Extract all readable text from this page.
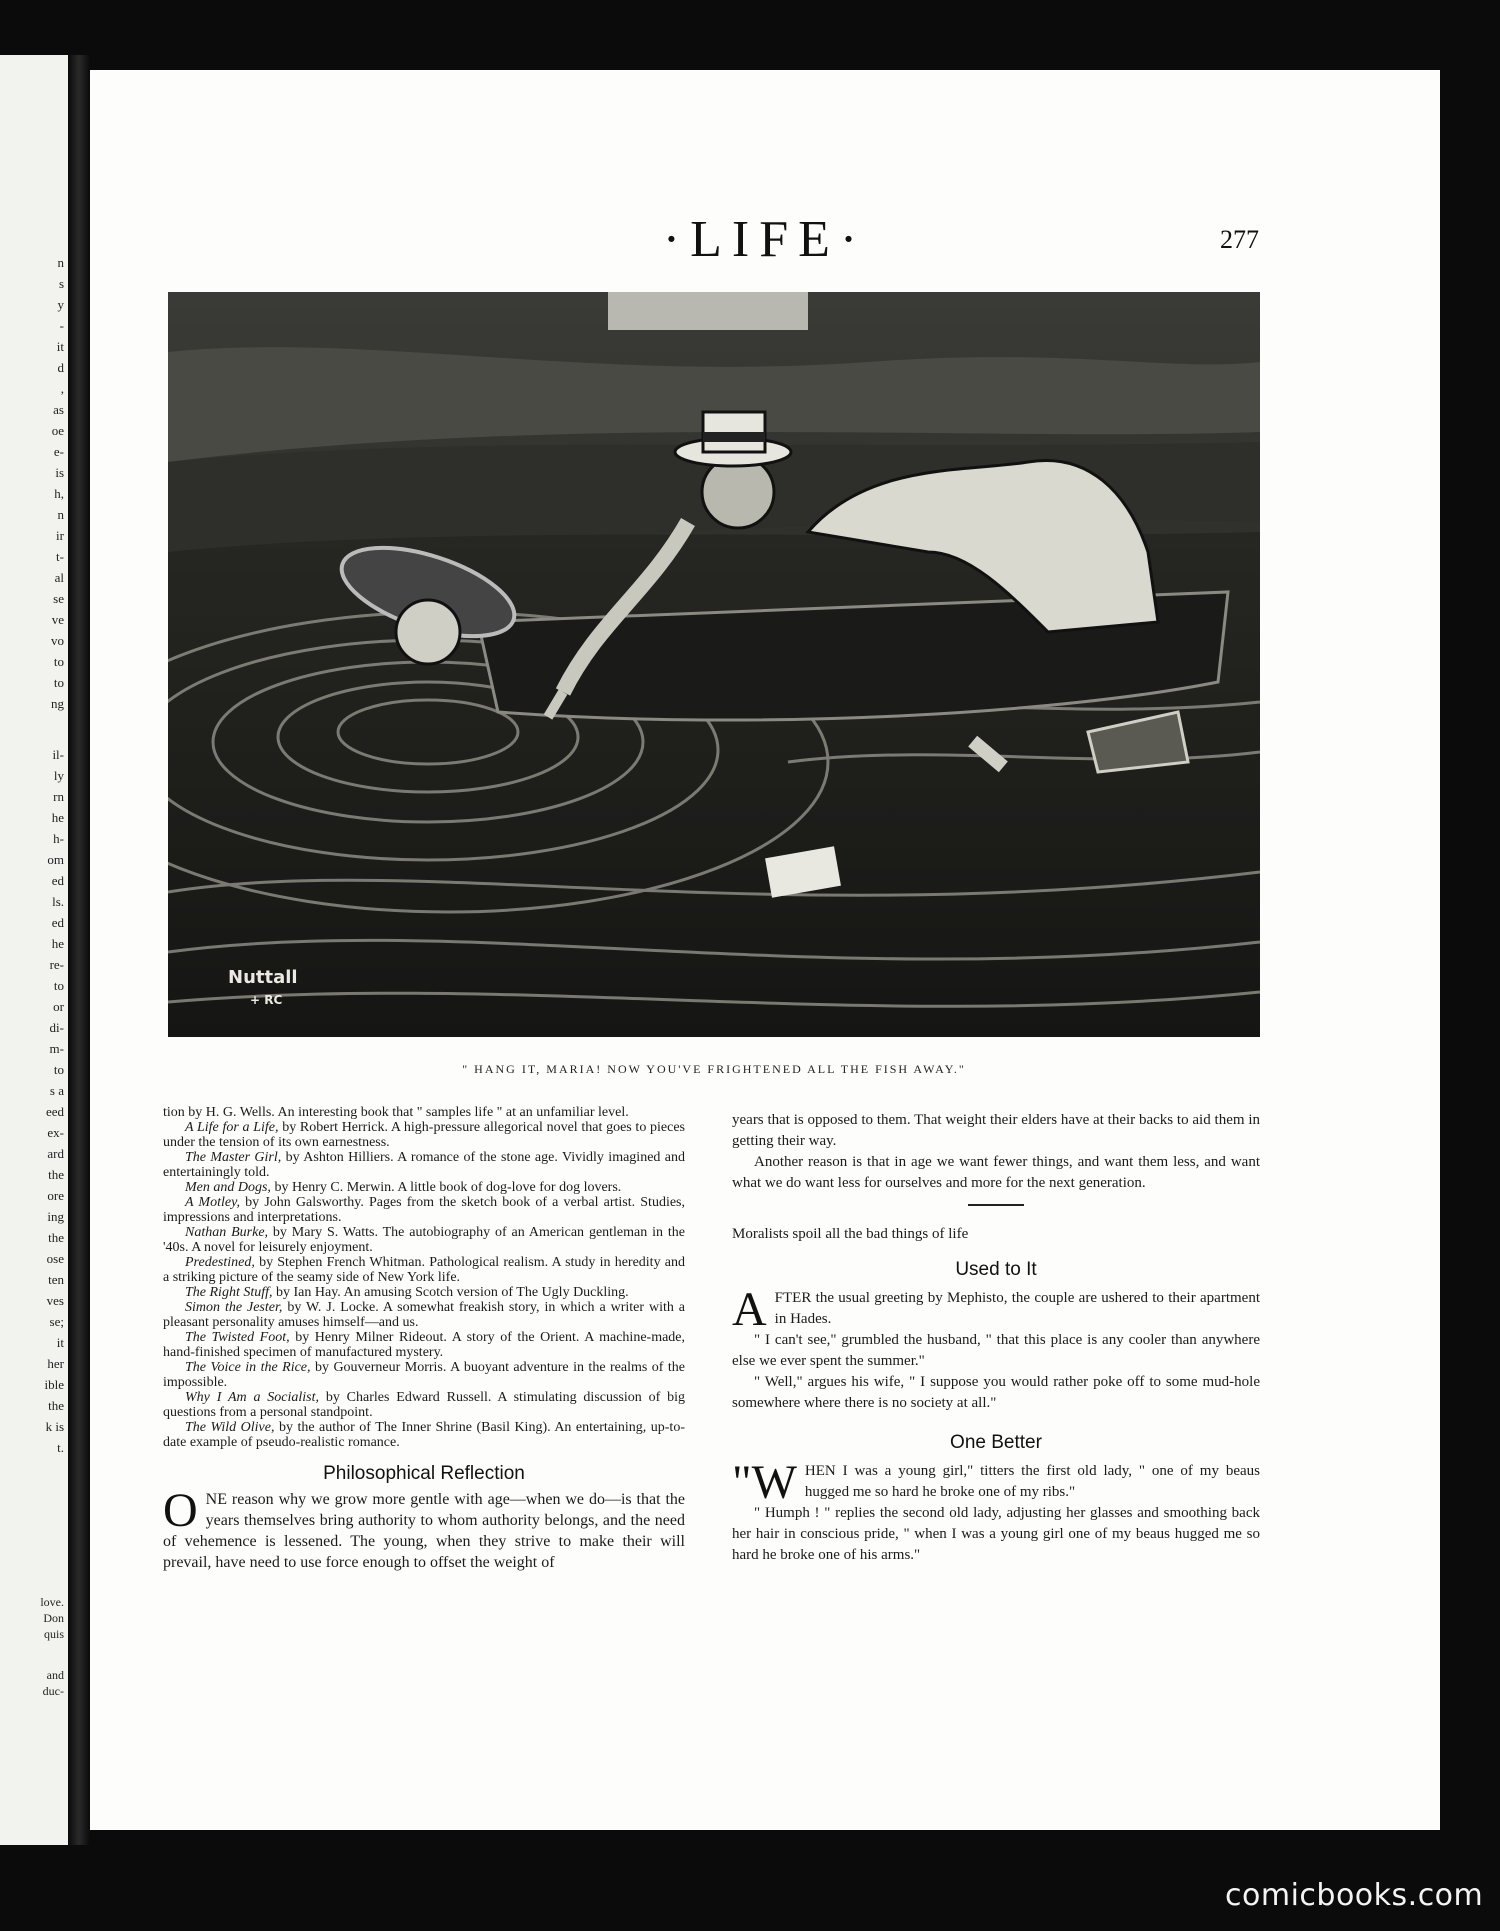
n
s
y
-
it
d
,
as
oe
e-
is
h,
n
ir
t-
al
se
ve
vo
to
to
ng
il-
ly
rn
he
h-
om
ed
ls.
ed
he
re-
to
or
di-
m-
to
s a
eed
ex-
ard
the
ore
ing
the
ose
ten
ves
se;
it
her
ible
the
k is
t.
love.
Don
quis
and
duc-
·LIFE·	277
Nuttall
+ RC
" HANG IT, MARIA! NOW YOU'VE FRIGHTENED ALL THE FISH AWAY."

tion by H. G. Wells. An interesting book that " samples life " at an unfamiliar level.

A Life for a Life, by Robert Herrick. A high-pressure allegorical novel that goes to pieces under the tension of its own earnestness.

The Master Girl, by Ashton Hilliers. A romance of the stone age. Vividly imagined and entertainingly told.

Men and Dogs, by Henry C. Merwin. A little book of dog-love for dog lovers.

A Motley, by John Galsworthy. Pages from the sketch book of a verbal artist. Studies, impressions and interpretations.

Nathan Burke, by Mary S. Watts. The autobiography of an American gentleman in the '40s. A novel for leisurely enjoyment.

Predestined, by Stephen French Whitman. Pathological realism. A study in heredity and a striking picture of the seamy side of New York life.

The Right Stuff, by Ian Hay. An amusing Scotch version of The Ugly Duckling.

Simon the Jester, by W. J. Locke. A somewhat freakish story, in which a writer with a pleasant personality amuses himself—and us.

The Twisted Foot, by Henry Milner Rideout. A story of the Orient. A machine-made, hand-finished specimen of manufactured mystery.

The Voice in the Rice, by Gouverneur Morris. A buoyant adventure in the realms of the impossible.

Why I Am a Socialist, by Charles Edward Russell. A stimulating discussion of big questions from a personal standpoint.

The Wild Olive, by the author of The Inner Shrine (Basil King). An entertaining, up-to-date example of pseudo-realistic romance.

Philosophical Reflection
O NE reason why we grow more gentle with age—when we do—is that the years themselves bring authority to whom authority belongs, and the need of vehemence is lessened. The young, when they strive to make their will prevail, have need to use force enough to offset the weight of

years that is opposed to them. That weight their elders have at their backs to aid them in getting their way.

Another reason is that in age we want fewer things, and want them less, and want what we do want less for ourselves and more for the next generation.

Moralists spoil all the bad things of life

Used to It
A FTER the usual greeting by Mephisto, the couple are ushered to their apartment in Hades.

" I can't see," grumbled the husband, " that this place is any cooler than anywhere else we ever spent the summer."

" Well," argues his wife, " I suppose you would rather poke off to some mud-hole somewhere where there is no society at all."

One Better
"W HEN I was a young girl," titters the first old lady, " one of my beaus hugged me so hard he broke one of my ribs."

" Humph ! " replies the second old lady, adjusting her glasses and smoothing back her hair in conscious pride, " when I was a young girl one of my beaus hugged me so hard he broke one of his arms."

comicbooks.com
